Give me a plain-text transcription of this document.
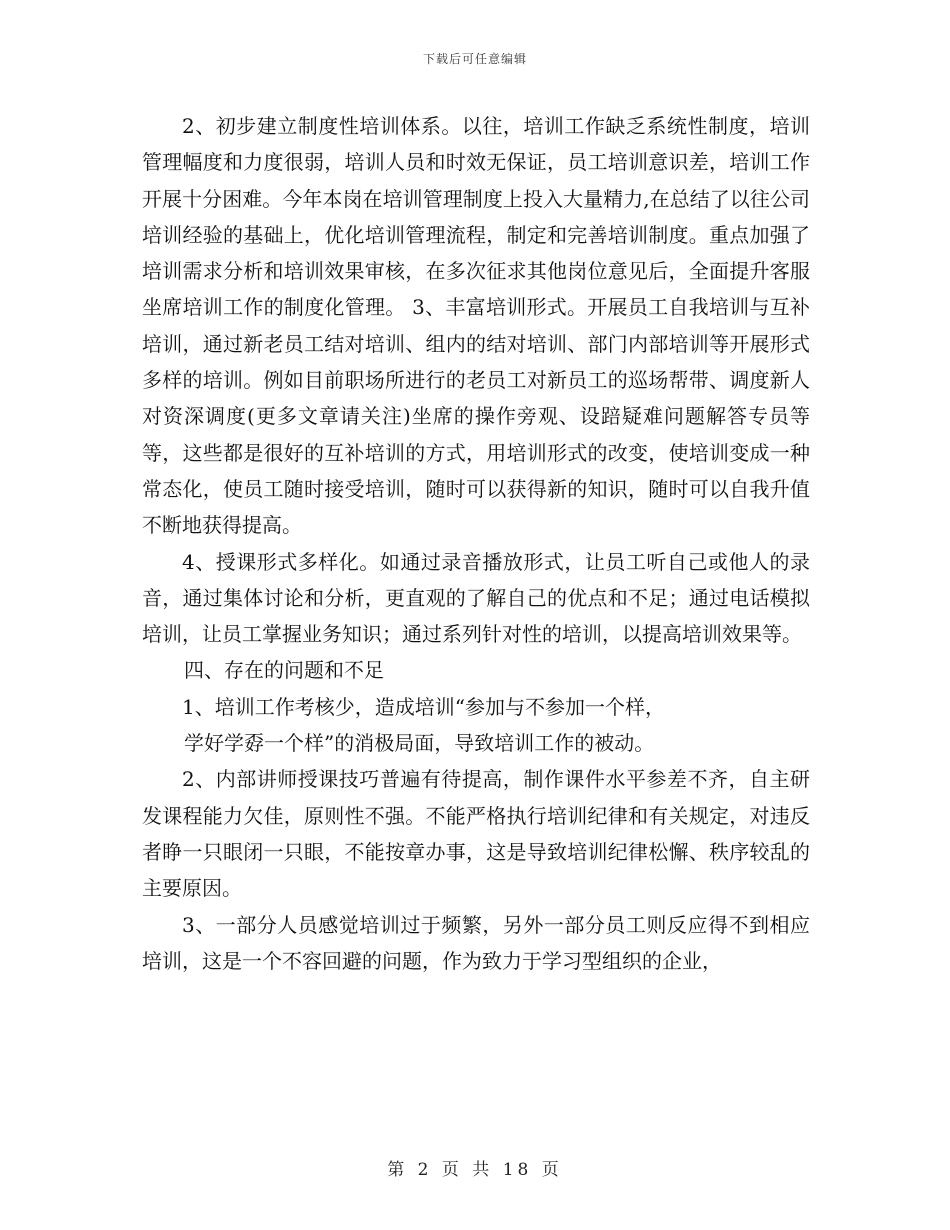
下载后可任意编辑

2、初步建立制度性培训体系。以往，培训工作缺乏系统性制度，培训管理幅度和力度很弱，培训人员和时效无保证，员工培训意识差，培训工作开展十分困难。今年本岗在培训管理制度上投入大量精力,在总结了以往公司培训经验的基础上，优化培训管理流程，制定和完善培训制度。重点加强了培训需求分析和培训效果审核，在多次征求其他岗位意见后，全面提升客服坐席培训工作的制度化管理。 3、丰富培训形式。开展员工自我培训与互补培训，通过新老员工结对培训、组内的结对培训、部门内部培训等开展形式多样的培训。例如目前职场所进行的老员工对新员工的巡场帮带、调度新人对资深调度(更多文章请关注)坐席的操作旁观、设踣疑难问题解答专员等等，这些都是很好的互补培训的方式，用培训形式的改变，使培训变成一种常态化，使员工随时接受培训，随时可以获得新的知识，随时可以自我升值不断地获得提高。

4、授课形式多样化。如通过录音播放形式，让员工听自己或他人的录音，通过集体讨论和分析，更直观的了解自己的优点和不足；通过电话模拟培训，让员工掌握业务知识；通过系列针对性的培训，以提高培训效果等。

四、存在的问题和不足

1、培训工作考核少，造成培训“参加与不参加一个样，

学好学孬一个样”的消极局面，导致培训工作的被动。

2、内部讲师授课技巧普遍有待提高，制作课件水平参差不齐，自主研发课程能力欠佳，原则性不强。不能严格执行培训纪律和有关规定，对违反者睁一只眼闭一只眼，不能按章办事，这是导致培训纪律松懈、秩序较乱的主要原因。

3、一部分人员感觉培训过于频繁，另外一部分员工则反应得不到相应培训，这是一个不容回避的问题，作为致力于学习型组织的企业，

第 2 页 共 18 页
